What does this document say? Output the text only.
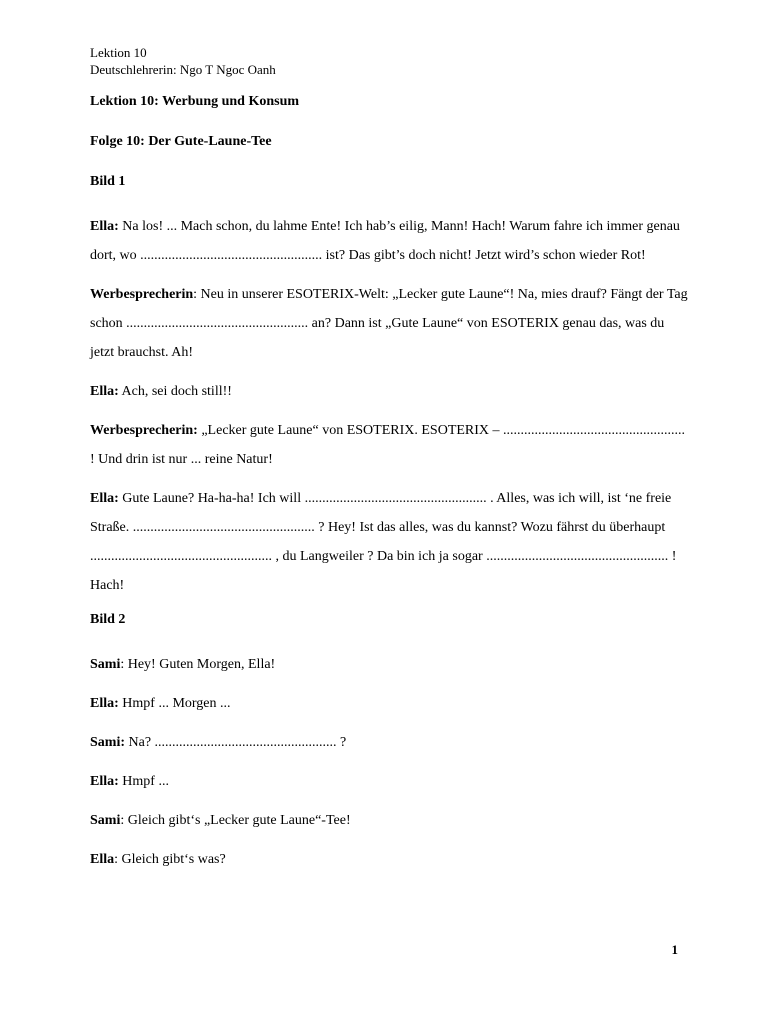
Lektion 10
Deutschlehrerin: Ngo T Ngoc Oanh

Lektion 10: Werbung und Konsum

Folge 10: Der Gute-Laune-Tee

Bild 1

Ella: Na los! ... Mach schon, du lahme Ente! Ich hab’s eilig, Mann! Hach! Warum fahre ich immer genau dort, wo .................................................... ist? Das gibt’s doch nicht! Jetzt wird’s schon wieder Rot!

Werbesprecherin: Neu in unserer ESOTERIX-Welt: „Lecker gute Laune“! Na, mies drauf? Fängt der Tag schon .................................................... an? Dann ist „Gute Laune“ von ESOTERIX genau das, was du jetzt brauchst. Ah!

Ella: Ach, sei doch still!!

Werbesprecherin: „Lecker gute Laune“ von ESOTERIX. ESOTERIX – .................................................... ! Und drin ist nur ... reine Natur!

Ella: Gute Laune? Ha-ha-ha! Ich will .................................................... . Alles, was ich will, ist ‘ne freie Straße. .................................................... ? Hey! Ist das alles, was du kannst? Wozu fährst du überhaupt .................................................... , du Langweiler ? Da bin ich ja sogar .................................................... ! Hach!

Bild 2

Sami: Hey! Guten Morgen, Ella!

Ella: Hmpf ... Morgen ...

Sami: Na? .................................................... ?

Ella: Hmpf ...

Sami: Gleich gibt‘s „Lecker gute Laune“-Tee!

Ella: Gleich gibt‘s was?

1
